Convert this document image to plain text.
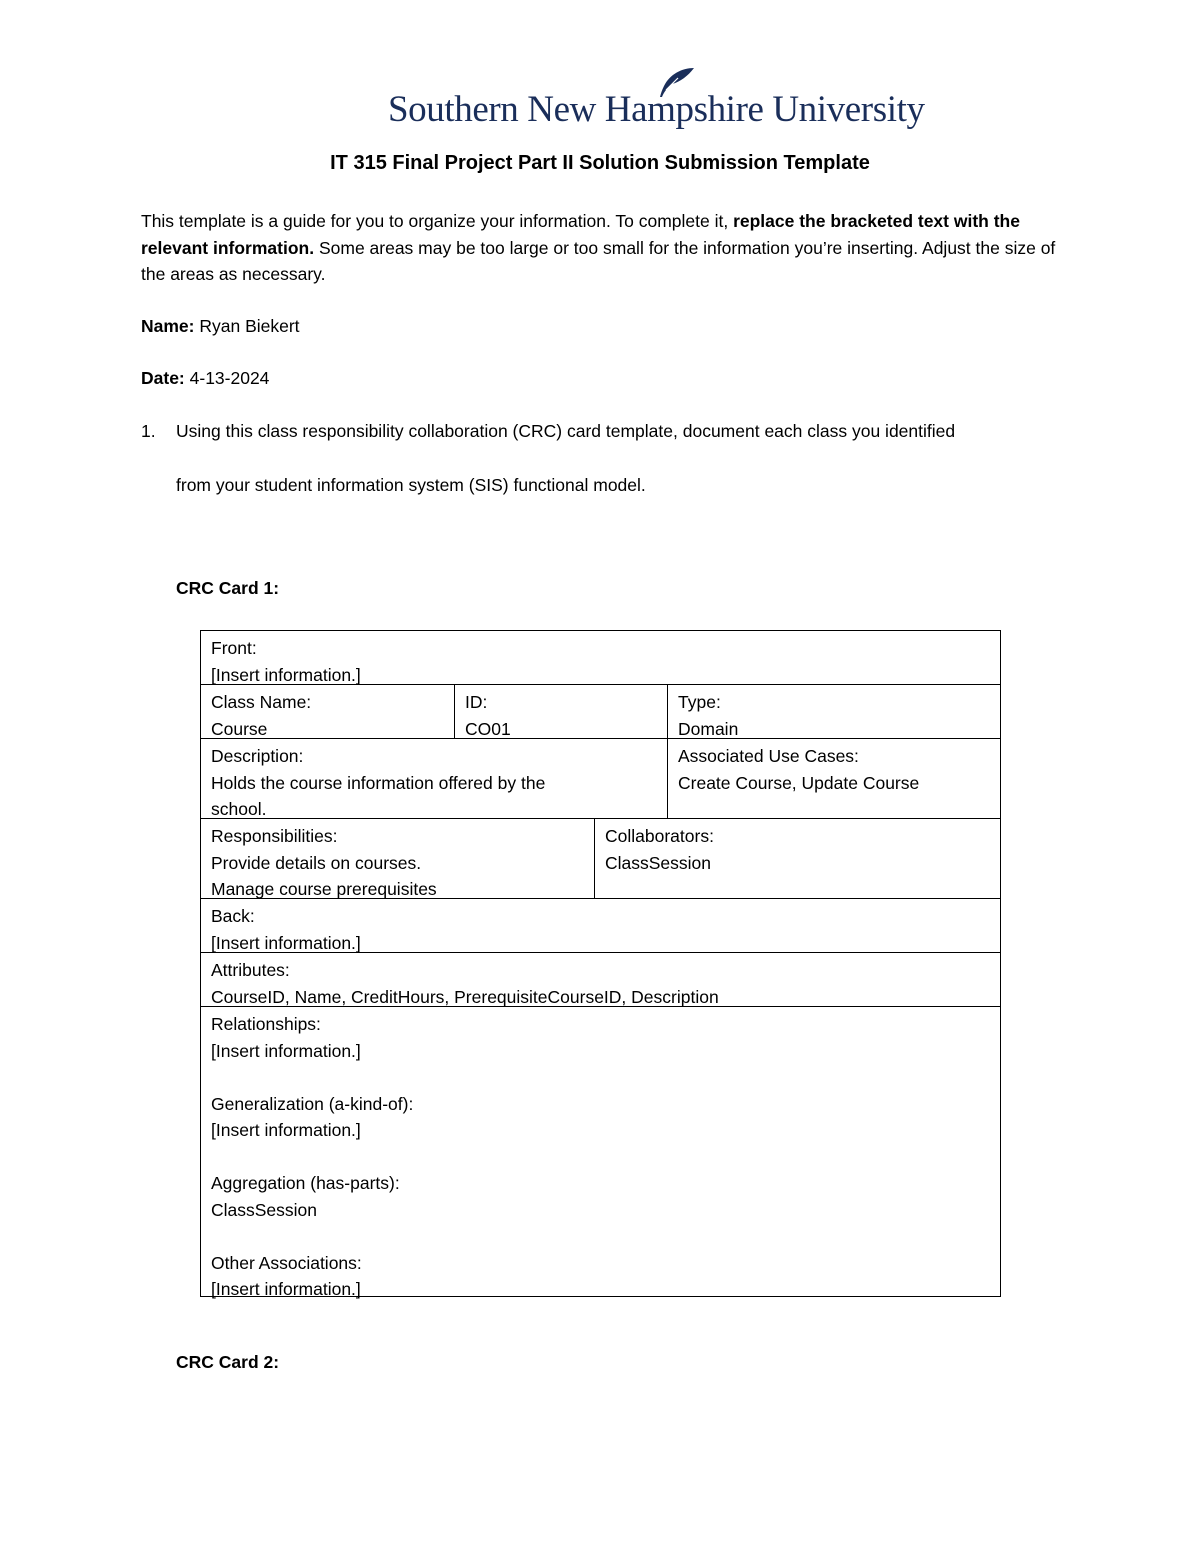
Southern New Hampshire University
IT 315 Final Project Part II Solution Submission Template
This template is a guide for you to organize your information. To complete it, replace the bracketed text with the relevant information. Some areas may be too large or too small for the information you’re inserting. Adjust the size of the areas as necessary.
Name: Ryan Biekert
Date: 4-13-2024
1. Using this class responsibility collaboration (CRC) card template, document each class you identified
from your student information system (SIS) functional model.
CRC Card 1:
Front:
[Insert information.]
Class Name:
Course
ID:
CO01
Type:
Domain
Description:
Holds the course information offered by the
school.
Associated Use Cases:
Create Course, Update Course
Responsibilities:
Provide details on courses.
Manage course prerequisites
Collaborators:
ClassSession
Back:
[Insert information.]
Attributes:
CourseID, Name, CreditHours, PrerequisiteCourseID, Description
Relationships:
[Insert information.]
Generalization (a-kind-of):
[Insert information.]
Aggregation (has-parts):
ClassSession
Other Associations:
[Insert information.]
CRC Card 2:
